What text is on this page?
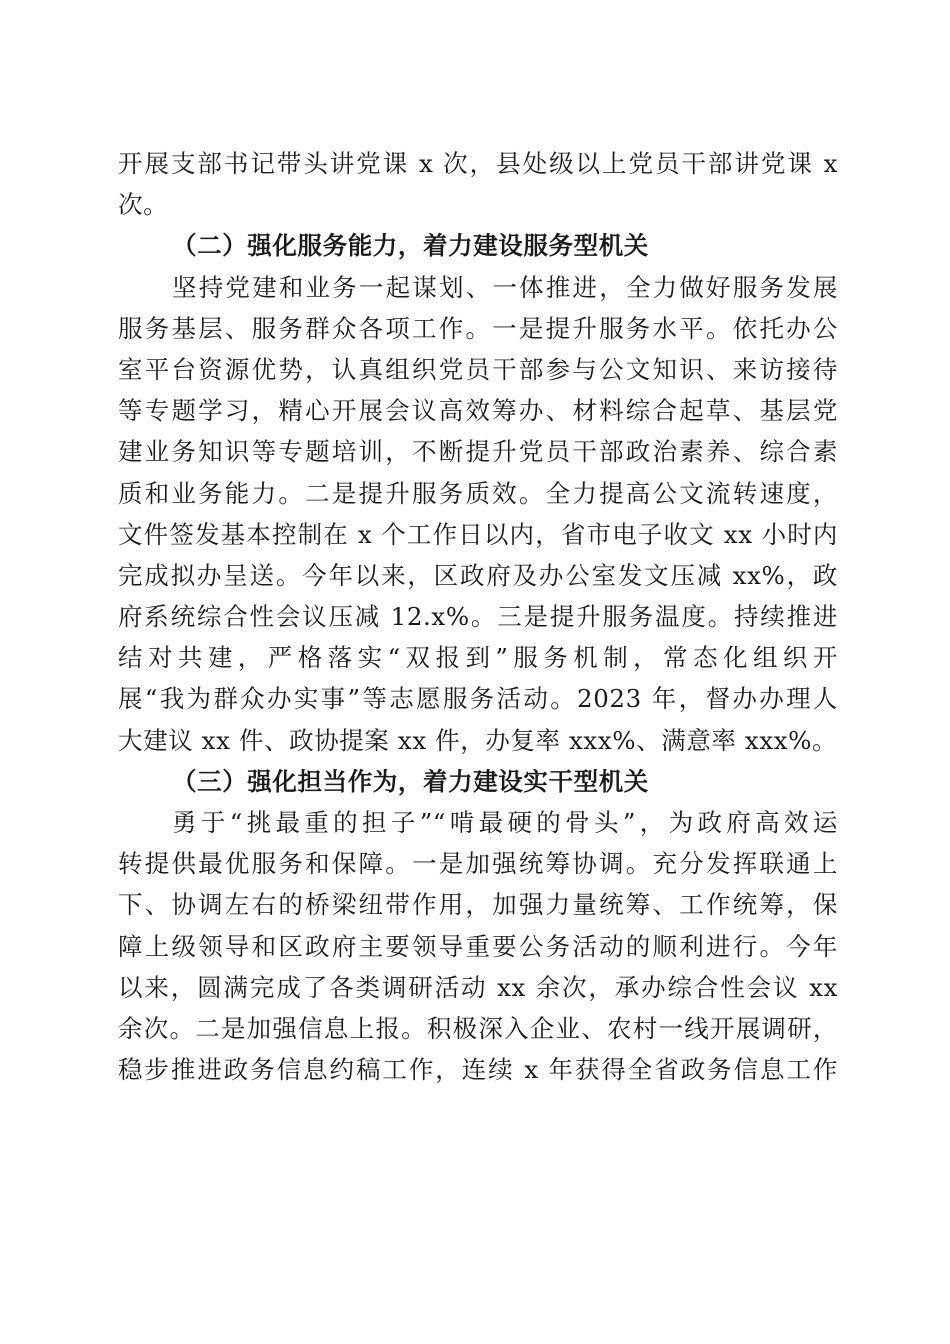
开展支部书记带头讲党课 x 次，县处级以上党员干部讲党课 x
次。
（二）强化服务能力，着力建设服务型机关
坚持党建和业务一起谋划、一体推进，全力做好服务发展
服务基层、服务群众各项工作。一是提升服务水平。依托办公
室平台资源优势，认真组织党员干部参与公文知识、来访接待
等专题学习，精心开展会议高效筹办、材料综合起草、基层党
建业务知识等专题培训，不断提升党员干部政治素养、综合素
质和业务能力。二是提升服务质效。全力提高公文流转速度，
文件签发基本控制在 x 个工作日以内，省市电子收文 xx 小时内
完成拟办呈送。今年以来，区政府及办公室发文压减 xx%，政
府系统综合性会议压减 12.x%。三是提升服务温度。持续推进
结对共建，严格落实“双报到”服务机制，常态化组织开
展“我为群众办实事”等志愿服务活动。2023 年，督办办理人
大建议 xx 件、政协提案 xx 件，办复率 xxx%、满意率 xxx%。
（三）强化担当作为，着力建设实干型机关
勇于“挑最重的担子”“啃最硬的骨头”，为政府高效运
转提供最优服务和保障。一是加强统筹协调。充分发挥联通上
下、协调左右的桥梁纽带作用，加强力量统筹、工作统筹，保
障上级领导和区政府主要领导重要公务活动的顺利进行。今年
以来，圆满完成了各类调研活动 xx 余次，承办综合性会议 xx
余次。二是加强信息上报。积极深入企业、农村一线开展调研，
稳步推进政务信息约稿工作，连续 x 年获得全省政务信息工作
